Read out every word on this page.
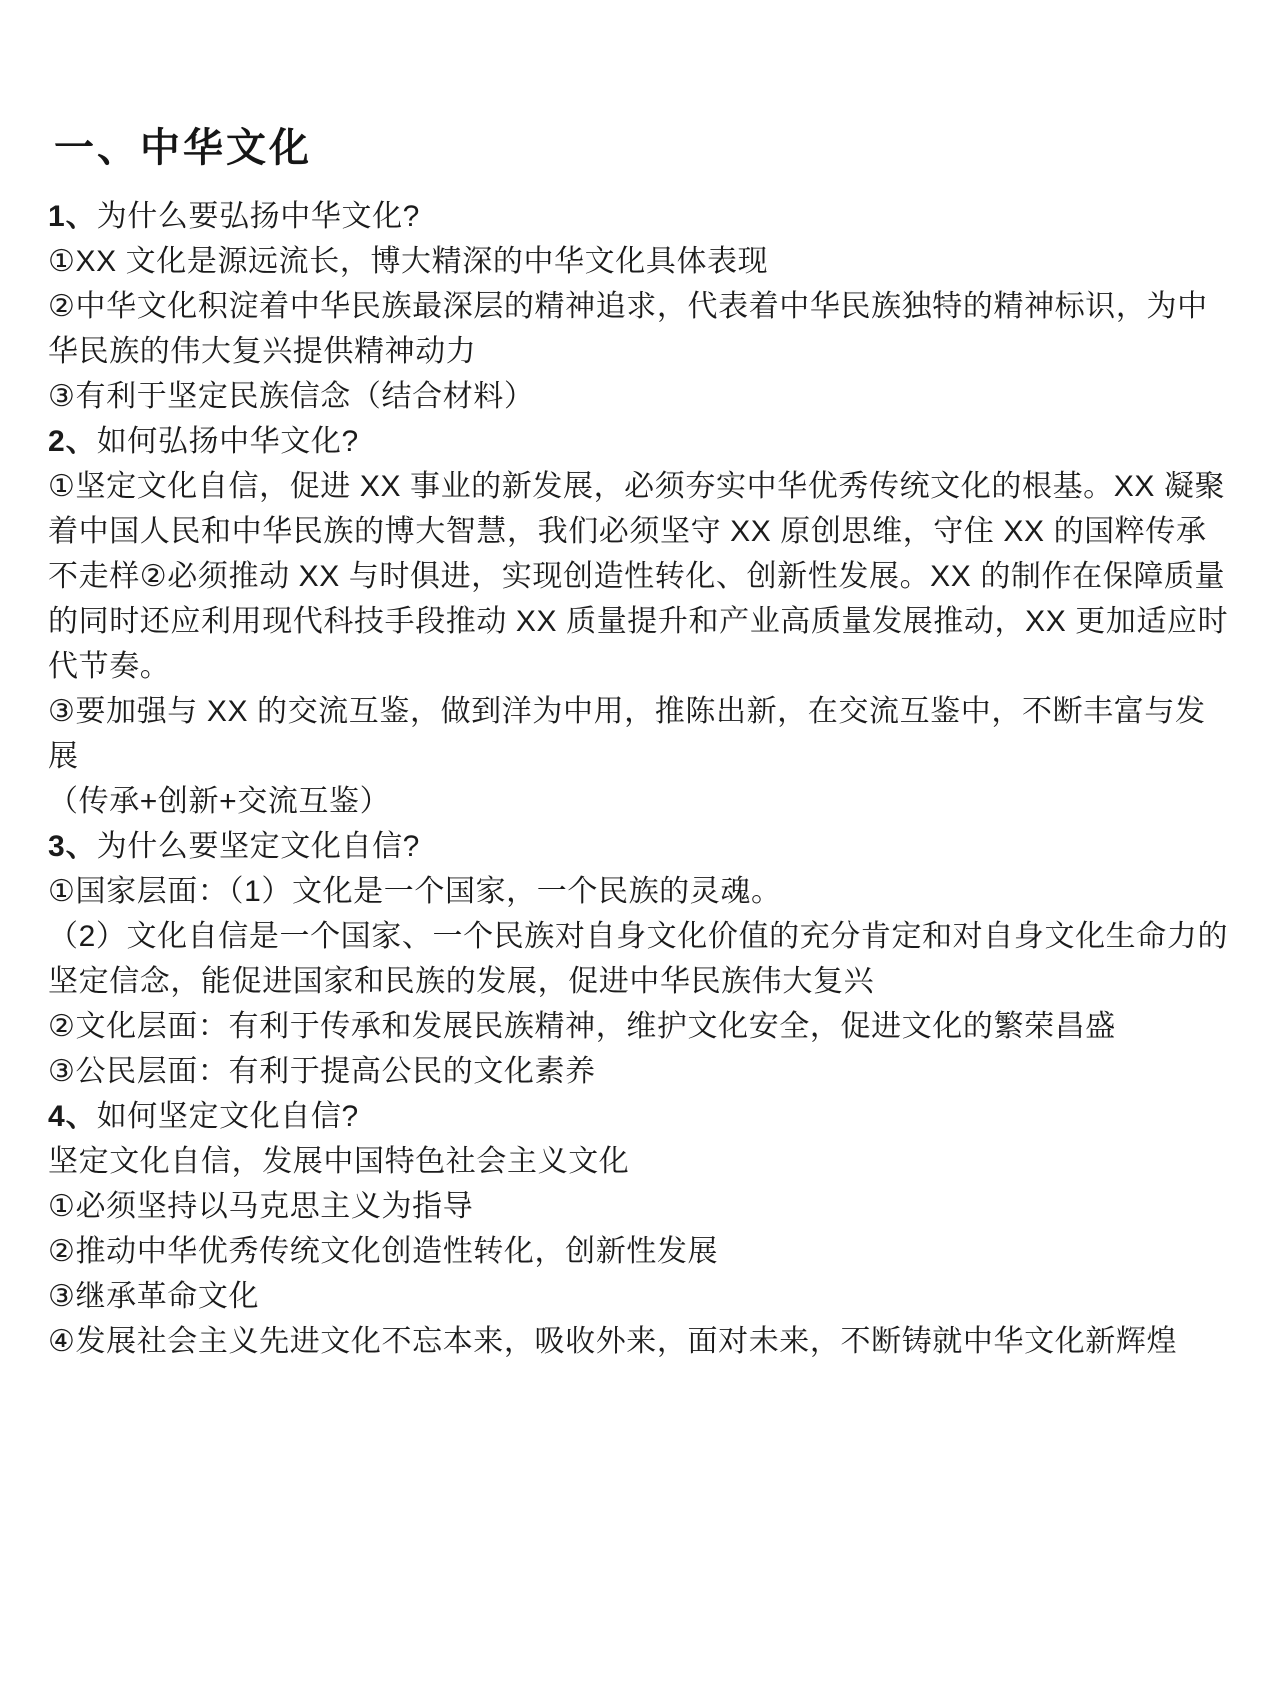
一、中华文化

1、为什么要弘扬中华文化?

①XX 文化是源远流长，博大精深的中华文化具体表现

②中华文化积淀着中华民族最深层的精神追求，代表着中华民族独特的精神标识，为中华民族的伟大复兴提供精神动力

③有利于坚定民族信念（结合材料）

2、如何弘扬中华文化?

①坚定文化自信，促进 XX 事业的新发展，必须夯实中华优秀传统文化的根基。XX 凝聚着中国人民和中华民族的博大智慧，我们必须坚守 XX 原创思维，守住 XX 的国粹传承不走样②必须推动 XX 与时俱进，实现创造性转化、创新性发展。XX 的制作在保障质量的同时还应利用现代科技手段推动 XX 质量提升和产业高质量发展推动，XX 更加适应时代节奏。

③要加强与 XX 的交流互鉴，做到洋为中用，推陈出新，在交流互鉴中，不断丰富与发展

（传承+创新+交流互鉴）

3、为什么要坚定文化自信?

①国家层面：（1）文化是一个国家，一个民族的灵魂。

（2）文化自信是一个国家、一个民族对自身文化价值的充分肯定和对自身文化生命力的坚定信念，能促进国家和民族的发展，促进中华民族伟大复兴

②文化层面：有利于传承和发展民族精神，维护文化安全，促进文化的繁荣昌盛

③公民层面：有利于提高公民的文化素养

4、如何坚定文化自信?

坚定文化自信，发展中国特色社会主义文化

①必须坚持以马克思主义为指导

②推动中华优秀传统文化创造性转化，创新性发展

③继承革命文化

④发展社会主义先进文化不忘本来，吸收外来，面对未来，不断铸就中华文化新辉煌
